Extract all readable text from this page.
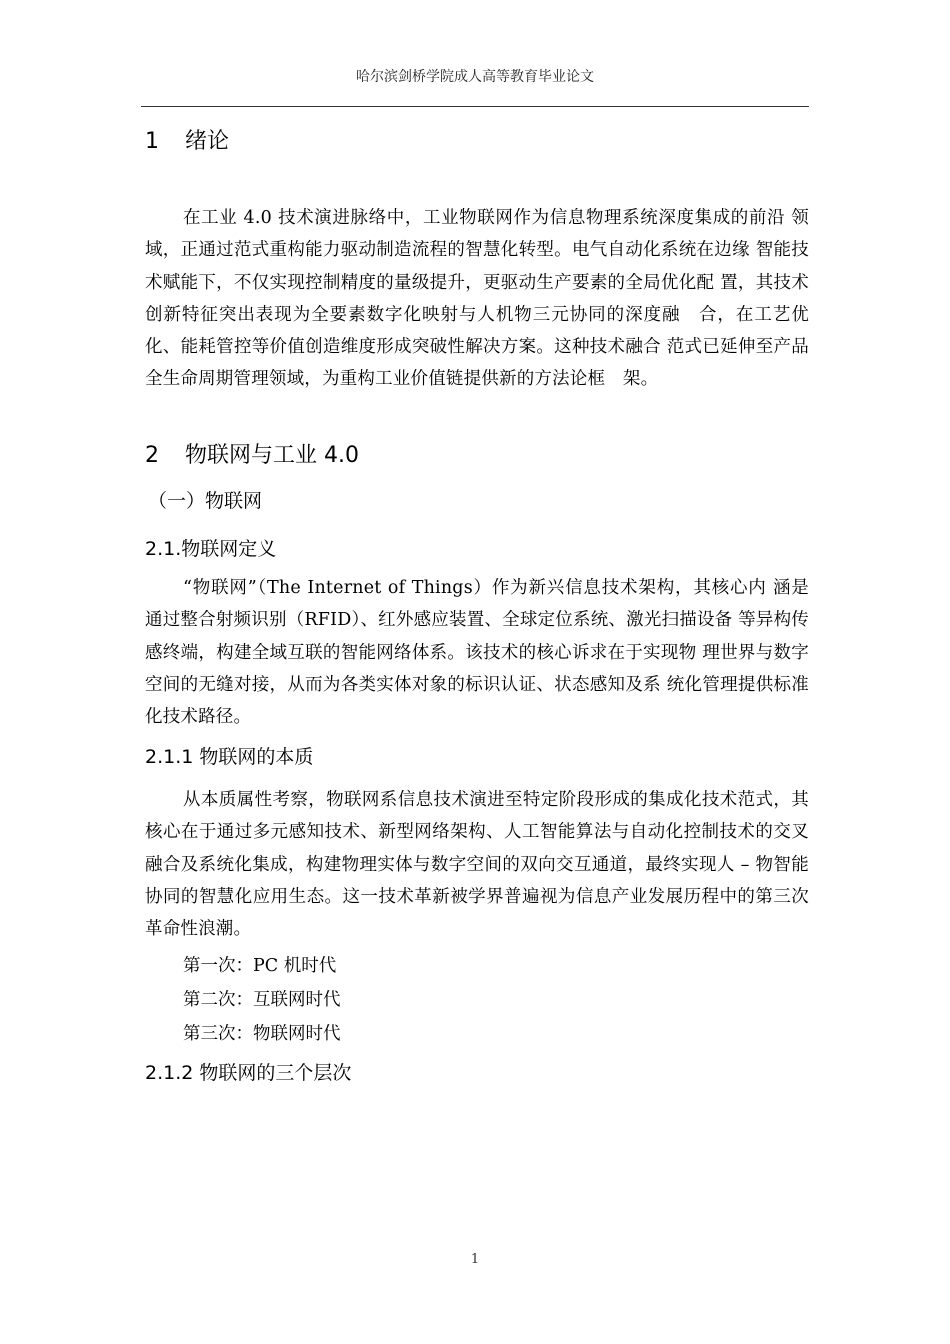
哈尔滨剑桥学院成人高等教育毕业论文
1 绪论
在工业 4.0 技术演进脉络中，工业物联网作为信息物理系统深度集成的前沿 领域，正通过范式重构能力驱动制造流程的智慧化转型。电气自动化系统在边缘 智能技术赋能下，不仅实现控制精度的量级提升，更驱动生产要素的全局优化配 置，其技术创新特征突出表现为全要素数字化映射与人机物三元协同的深度融　合，在工艺优化、能耗管控等价值创造维度形成突破性解决方案。这种技术融合 范式已延伸至产品全生命周期管理领域，为重构工业价值链提供新的方法论框　架。
2 物联网与工业 4.0
（一）物联网
2.1.物联网定义
“物联网”（The Internet of Things）作为新兴信息技术架构，其核心内 涵是通过整合射频识别（RFID）、红外感应装置、全球定位系统、激光扫描设备 等异构传感终端，构建全域互联的智能网络体系。该技术的核心诉求在于实现物 理世界与数字空间的无缝对接，从而为各类实体对象的标识认证、状态感知及系 统化管理提供标准化技术路径。
2.1.1 物联网的本质
从本质属性考察，物联网系信息技术演进至特定阶段形成的集成化技术范式，其核心在于通过多元感知技术、新型网络架构、人工智能算法与自动化控制技术的交叉融合及系统化集成，构建物理实体与数字空间的双向交互通道，最终实现人 – 物智能协同的智慧化应用生态。这一技术革新被学界普遍视为信息产业发展历程中的第三次革命性浪潮。
第一次：PC 机时代
第二次：互联网时代
第三次：物联网时代
2.1.2 物联网的三个层次
1
